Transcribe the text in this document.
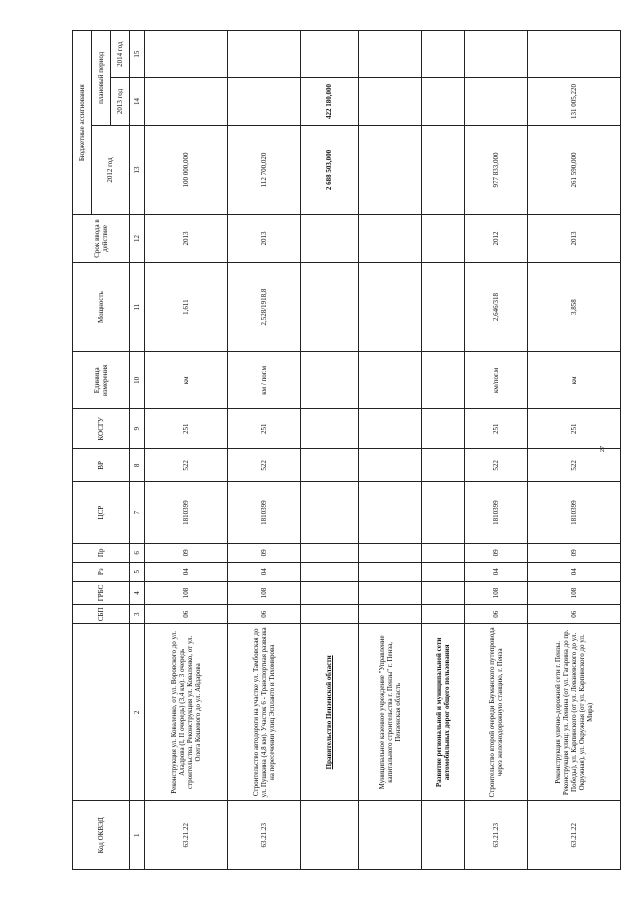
Код ОКВЭД		СБП	ГРБС	Рз	Пр	ЦСР	ВР	КОСГУ	Единица измерения	Мощность	Срок ввода в действие	Бюджетные ассигнования		
												2012 год	плановый период	
													2013 год	2014 год
1	2	3	4	5	6	7	8	9	10	11	12	13	14	15
63.21.22	Реконструкция ул. Коваленко, от ул. Воровского до ул. Аладрова (I, II очередь) (3,4 км). 3 очередь строительства. Реконструкция ул. Коваленко, от ул. Олега Кошевого до ул. Айдарова	06	108	04	09	1810399	522	251	км	1,611	2013	100 000,000		
63.21.23	Строительство автодороги на участке ул. Тамбовская до ул. Пушкина (4,8 км). Участок 6 - Транспортная развязка на пересечении улиц Эспланто и Тихомирова	06	108	04	09	1810399	522	251	км / пог.м	2,528/1918,8	2013	112 700,020		
	Правительство Пензенской области											2 688 503,000	422 180,000	
	Муниципальное казенное учреждение "Управление капитального строительства г. Пензы" г. Пенза, Пензенская область													
	Развитие региональной и муниципальной сети автомобильных дорог общего пользования													
63.21.23	Строительство второй очереди Бауманского путепровода через железнодорожную станцию, г. Пенза	06	108	04	09	1810399	522	251	км/пог.м	2,646/318	2012	977 833,000		
63.21.22	Реконструкция улично-дорожной сети г. Пензы. Реконструкция улиц: ул. Ленина (от ул. Гагарина до пр. Победы), ул. Карпинского (от ул. Леваневского до ул. Окружная), ул. Окружная (от ул. Карпинского до ул. Мира)	06	108	04	09	1810399	522	251	км	3,858	2013	261 590,000	131 005,220	
27
